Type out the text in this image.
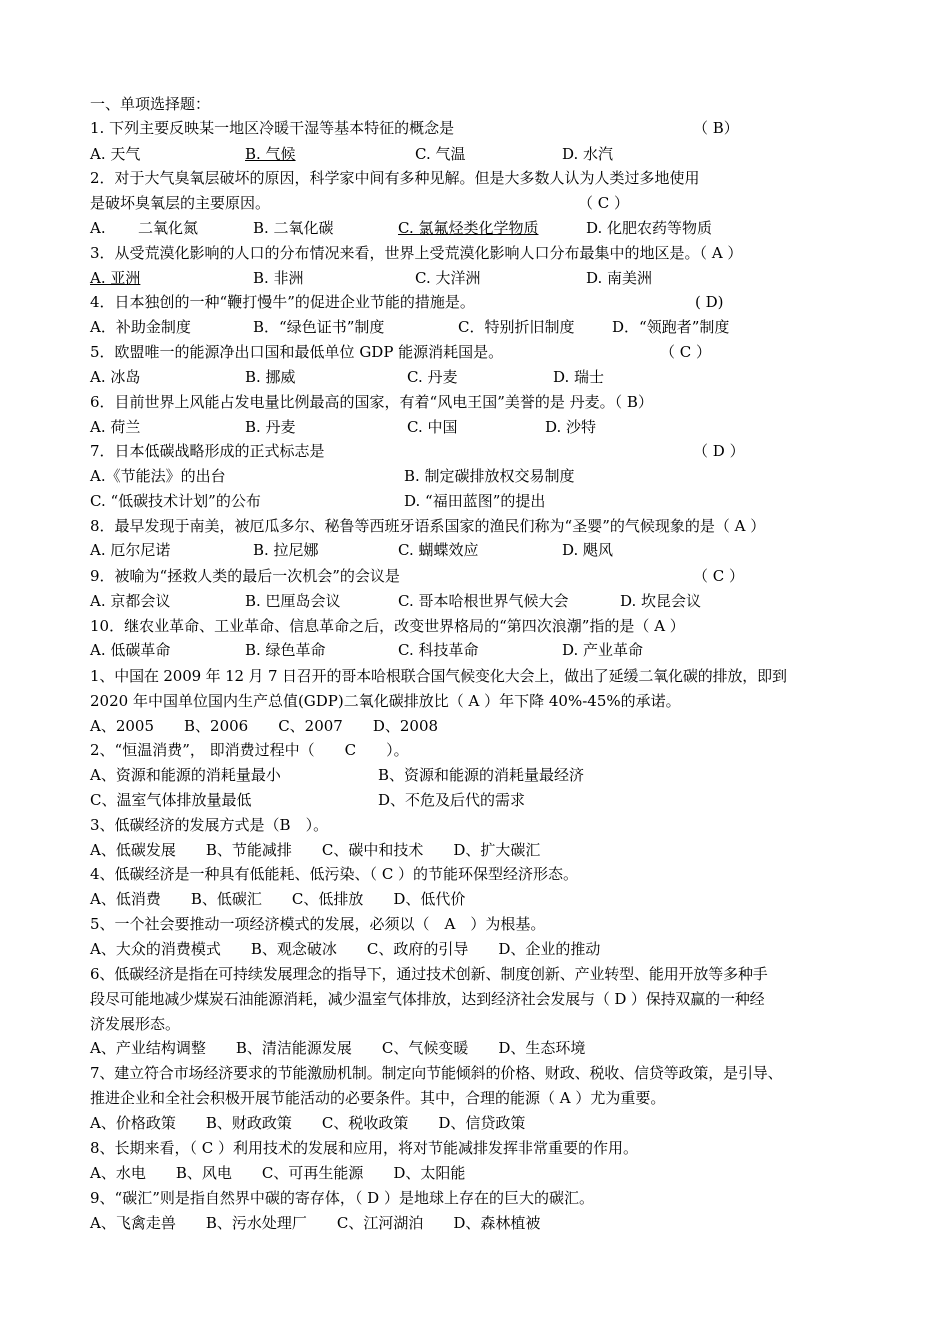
一、单项选择题：
1. 下列主要反映某一地区冷暖干湿等基本特征的概念是	（ B）
A. 天气	B. 气候	C. 气温	D. 水汽
2．对于大气臭氧层破坏的原因，科学家中间有多种见解。但是大多数人认为人类过多地使用
是破坏臭氧层的主要原因。	（ C ）
A. 二氧化氮	B. 二氧化碳	C. 氯氟烃类化学物质	D. 化肥农药等物质
3．从受荒漠化影响的人口的分布情况来看，世界上受荒漠化影响人口分布最集中的地区是。（ A ）
A. 亚洲	B. 非洲	C. 大洋洲	D. 南美洲
4．日本独创的一种“鞭打慢牛”的促进企业节能的措施是。	( D)
A．补助金制度	B．“绿色证书”制度	C．特别折旧制度	D．“领跑者”制度
5．欧盟唯一的能源净出口国和最低单位 GDP 能源消耗国是。	（ C ）
A. 冰岛	B. 挪威	C. 丹麦	D. 瑞士
6．目前世界上风能占发电量比例最高的国家，有着“风电王国”美誉的是 丹麦。（ B）
A. 荷兰	B. 丹麦	C. 中国	D. 沙特
7．日本低碳战略形成的正式标志是	（ D ）
A.《节能法》的出台	B. 制定碳排放权交易制度
C. “低碳技术计划”的公布	D. “福田蓝图”的提出
8．最早发现于南美，被厄瓜多尔、秘鲁等西班牙语系国家的渔民们称为“圣婴”的气候现象的是（ A ）
A. 厄尔尼诺	B. 拉尼娜	C. 蝴蝶效应	D. 飓风
9．被喻为“拯救人类的最后一次机会”的会议是	（ C ）
A. 京都会议	B. 巴厘岛会议	C. 哥本哈根世界气候大会	D. 坎昆会议
10．继农业革命、工业革命、信息革命之后，改变世界格局的“第四次浪潮”指的是（ A ）
A. 低碳革命	B. 绿色革命	C. 科技革命	D. 产业革命
1、中国在 2009 年 12 月 7 日召开的哥本哈根联合国气候变化大会上，做出了延缓二氧化碳的排放，即到
2020 年中国单位国内生产总值(GDP)二氧化碳排放比（ A ）年下降 40%-45%的承诺。
A、2005　　B、2006　　C、2007　　D、2008
2、“恒温消费”， 即消费过程中（　　C　　）。
A、资源和能源的消耗量最小	B、资源和能源的消耗量最经济
C、温室气体排放量最低	D、不危及后代的需求
3、低碳经济的发展方式是（B　）。
A、低碳发展　　B、节能减排　　C、碳中和技术　　D、扩大碳汇
4、低碳经济是一种具有低能耗、低污染、（ C ）的节能环保型经济形态。
A、低消费　　B、低碳汇　　C、低排放　　D、低代价
5、一个社会要推动一项经济模式的发展，必须以（　A　）为根基。
A、大众的消费模式　　B、观念破冰　　C、政府的引导　　D、企业的推动
6、低碳经济是指在可持续发展理念的指导下，通过技术创新、制度创新、产业转型、能用开放等多种手
段尽可能地减少煤炭石油能源消耗，减少温室气体排放，达到经济社会发展与（ D ）保持双赢的一种经
济发展形态。
A、产业结构调整　　B、清洁能源发展　　C、气候变暖　　D、生态环境
7、建立符合市场经济要求的节能激励机制。制定向节能倾斜的价格、财政、税收、信贷等政策，是引导、
推进企业和全社会积极开展节能活动的必要条件。其中，合理的能源（ A ）尤为重要。
A、价格政策　　B、财政政策　　C、税收政策　　D、信贷政策
8、长期来看，（ C ）利用技术的发展和应用，将对节能减排发挥非常重要的作用。
A、水电　　B、风电　　C、可再生能源　　D、太阳能
9、“碳汇”则是指自然界中碳的寄存体，（ D ）是地球上存在的巨大的碳汇。
A、飞禽走兽　　B、污水处理厂　　C、江河湖泊　　D、森林植被
